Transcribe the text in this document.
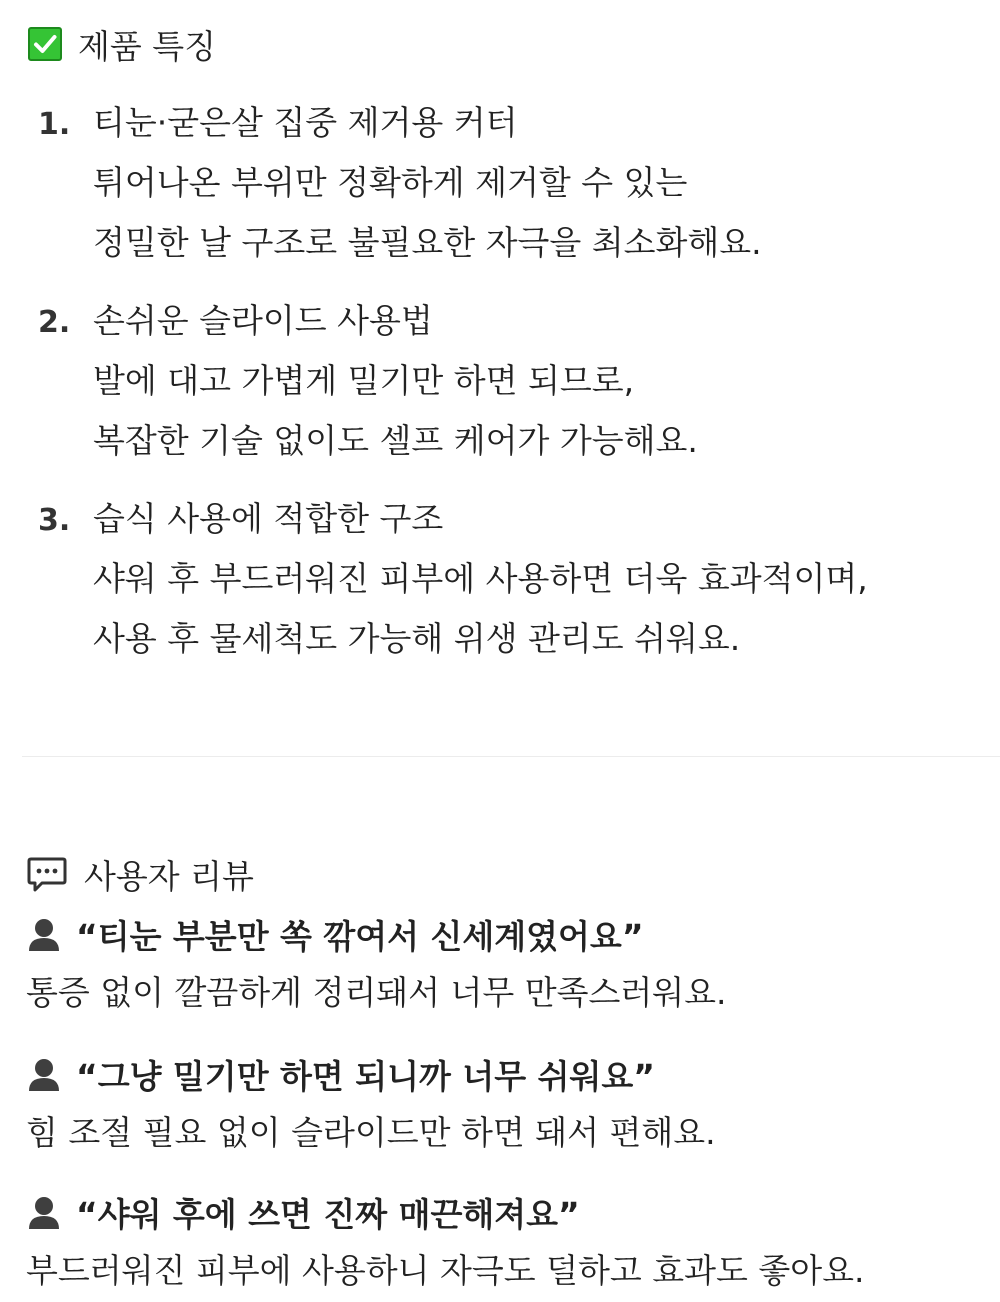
제품 특징
1. 티눈·굳은살 집중 제거용 커터
튀어나온 부위만 정확하게 제거할 수 있는
정밀한 날 구조로 불필요한 자극을 최소화해요.
2. 손쉬운 슬라이드 사용법
발에 대고 가볍게 밀기만 하면 되므로,
복잡한 기술 없이도 셀프 케어가 가능해요.
3. 습식 사용에 적합한 구조
샤워 후 부드러워진 피부에 사용하면 더욱 효과적이며,
사용 후 물세척도 가능해 위생 관리도 쉬워요.
사용자 리뷰
“티눈 부분만 쏙 깎여서 신세계였어요”
통증 없이 깔끔하게 정리돼서 너무 만족스러워요.
“그냥 밀기만 하면 되니까 너무 쉬워요”
힘 조절 필요 없이 슬라이드만 하면 돼서 편해요.
“샤워 후에 쓰면 진짜 매끈해져요”
부드러워진 피부에 사용하니 자극도 덜하고 효과도 좋아요.
